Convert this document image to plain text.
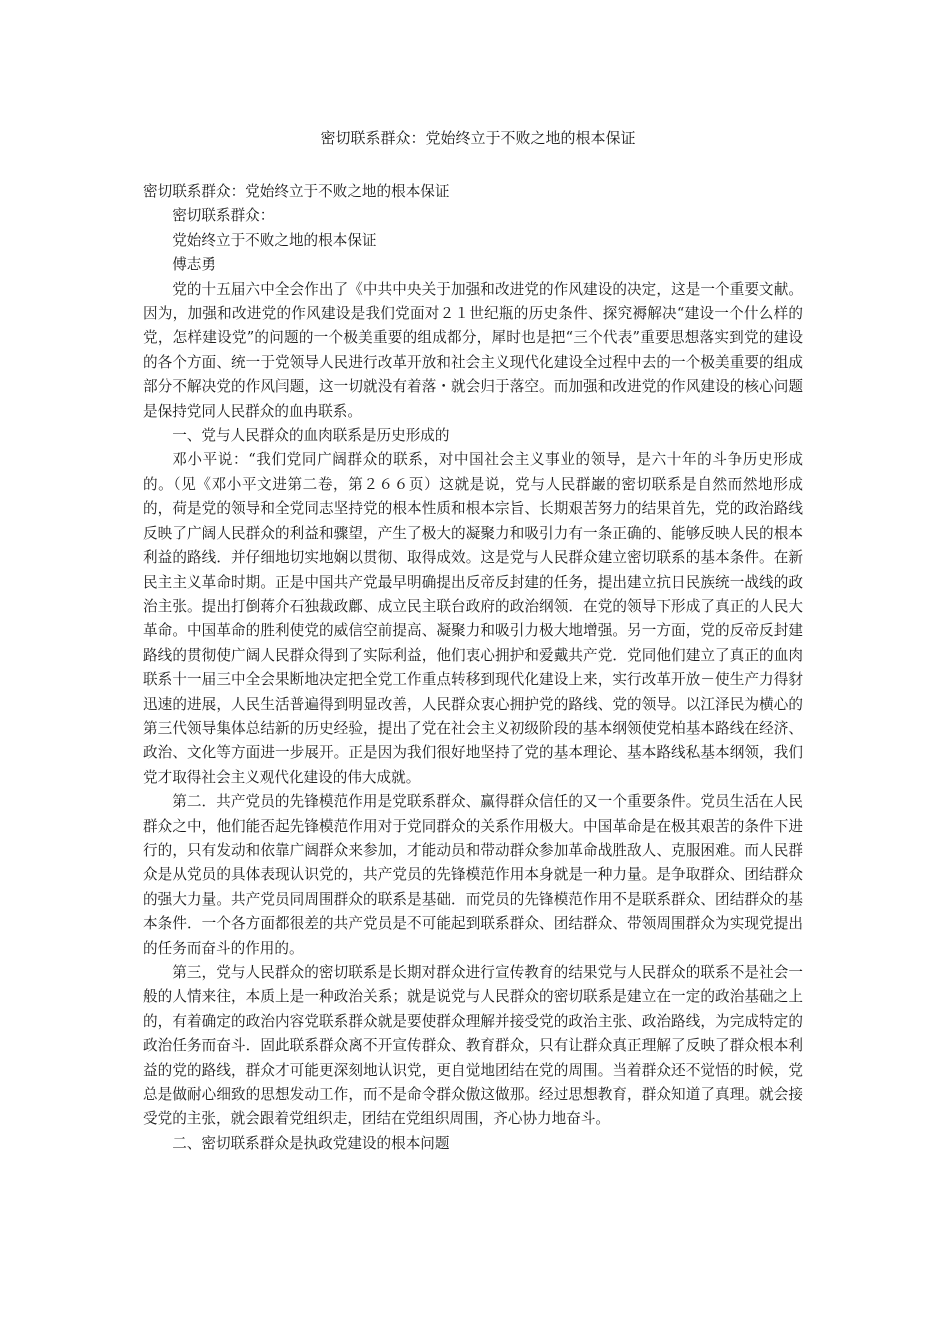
密切联系群众：党始终立于不败之地的根本保证

密切联系群众：党始终立于不败之地的根本保证

密切联系群众：

党始终立于不败之地的根本保证

傅志勇

党的十五届六中全会作出了《中共中央关于加强和改进党的作风建设的决定，这是一个重要文献。因为，加强和改进党的作风建设是我们党面对２１世纪瓶的历史条件、探究褥解决“建设一个什么样的党，怎样建设党”的问题的一个极美重要的组成都分，犀时也是把“三个代表”重要思想落实到党的建设的各个方面、统一于党领导人民进行改革开放和社会主义现代化建设全过程中去的一个极美重要的组成部分不解决党的作风闫题，这一切就没有着落・就会归于落空。而加强和改进党的作风建设的核心问题是保持党同人民群众的血冉联系。

一、党与人民群众的血肉联系是历史形成的

邓小平说：“我们党同广阔群众的联系，对中国社会主义事业的领导，是六十年的斗争历史形成的。（见《邓小平文进第二卷，第２６６页）这就是说，党与人民群巌的密切联系是自然而然地形成的，荷是党的领导和全党同志坚持党的根本性质和根本宗旨、长期艰苦努力的结果首先，党的政治路线反映了广阔人民群众的利益和骤望，产生了极大的凝聚力和吸引力有一条正确的、能够反映人民的根本利益的路线．并仔细地切实地娴以贯彻、取得成效。这是党与人民群众建立密切联系的基本条件。在新民主主义革命时期。正是中国共产党最早明确提出反帝反封建的任务，提出建立抗日民族统一战线的政治主张。提出打倒蒋介石独裁政鄜、成立民主联台政府的政治纲领．在党的领导下形成了真正的人民大革命。中国革命的胜利使党的威信空前提高、凝聚力和吸引力极大地增强。另一方面，党的反帝反封建路线的贯彻使广阔人民群众得到了实际利益，他们衷心拥护和爱戴共产党．党同他们建立了真正的血肉联系十一届三中全会果断地决定把全党工作重点转移到现代化建设上来，实行改革开放－使生产力得豺迅速的进展，人民生活普遍得到明显改善，人民群众衷心拥护党的路线、党的领导。以江泽民为横心的第三代领导集体总结新的历史经验，提出了党在社会主义初级阶段的基本纲领使党柏基本路线在经济、政治、文化等方面进一步展开。正是因为我们很好地坚持了党的基本理论、基本路线私基本纲领，我们党才取得社会主义观代化建设的伟大成就。

第二．共产党员的先锋模范作用是党联系群众、赢得群众信任的又一个重要条件。党员生活在人民群众之中，他们能否起先锋模范作用对于党同群众的关系作用极大。中国革命是在极其艰苦的条件下进行的，只有发动和依靠广阔群众来参加，才能动员和带动群众参加革命战胜敌人、克服困难。而人民群众是从党员的具体表现认识党的，共产党员的先锋模范作用本身就是一种力量。是争取群众、团结群众的强大力量。共产党员同周围群众的联系是基础．而党员的先锋模范作用不是联系群众、团结群众的基本条件．一个各方面都很差的共产党员是不可能起到联系群众、团结群众、带领周围群众为实现党提出的任务而奋斗的作用的。

第三，党与人民群众的密切联系是长期对群众进行宣传教育的结果党与人民群众的联系不是社会一般的人情来往，本质上是一种政治关系；就是说党与人民群众的密切联系是建立在一定的政治基础之上的，有着确定的政治内容党联系群众就是要使群众理解并接受党的政治主张、政治路线，为完成特定的政治任务而奋斗．固此联系群众离不开宣传群众、教育群众，只有让群众真正理解了反映了群众根本利益的党的路线，群众才可能更深刻地认识党，更自觉地团结在党的周围。当着群众还不觉悟的时候，党总是做耐心细致的思想发动工作，而不是命令群众傲这做那。经过思想教育，群众知道了真理。就会接受党的主张，就会跟着党组织走，团结在党组织周围，齐心协力地奋斗。

二、密切联系群众是执政党建设的根本问题
